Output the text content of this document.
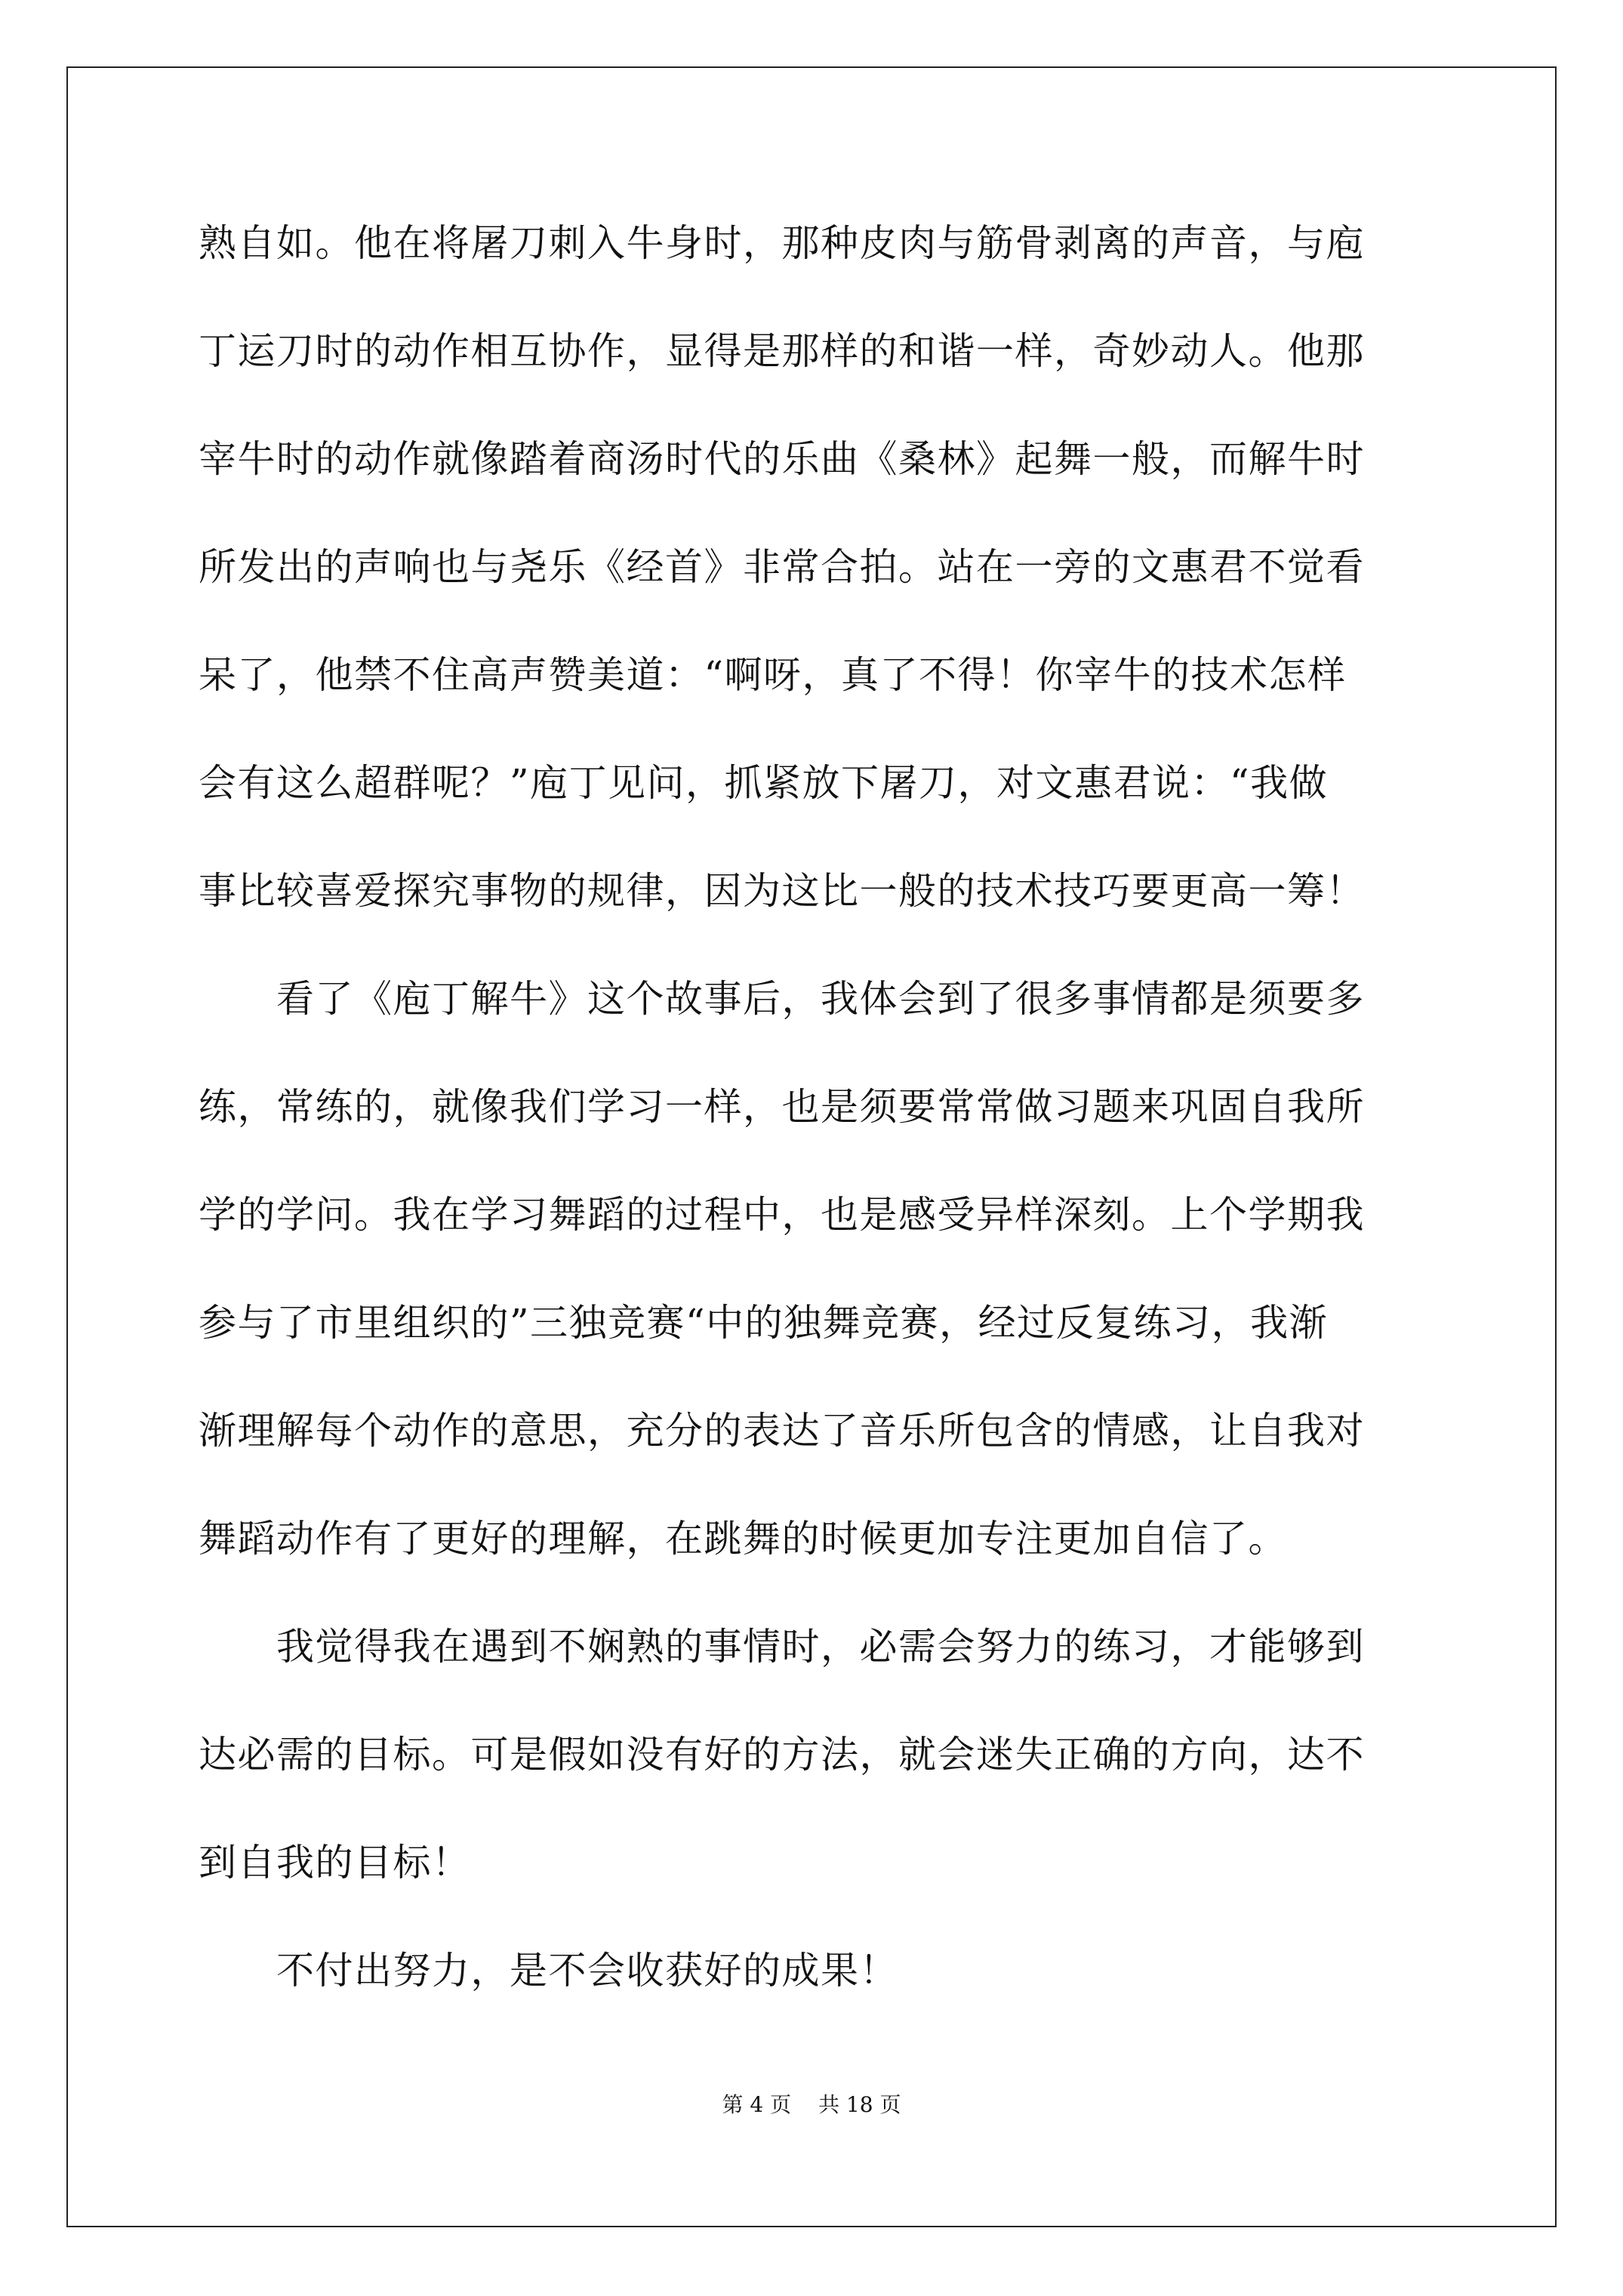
熟自如。他在将屠刀刺入牛身时，那种皮肉与筋骨剥离的声音，与庖
丁运刀时的动作相互协作，显得是那样的和谐一样，奇妙动人。他那
宰牛时的动作就像踏着商汤时代的乐曲《桑林》起舞一般，而解牛时
所发出的声响也与尧乐《经首》非常合拍。站在一旁的文惠君不觉看
呆了，他禁不住高声赞美道：“啊呀，真了不得！你宰牛的技术怎样
会有这么超群呢？”庖丁见问，抓紧放下屠刀，对文惠君说：“我做
事比较喜爱探究事物的规律，因为这比一般的技术技巧要更高一筹！
　　看了《庖丁解牛》这个故事后，我体会到了很多事情都是须要多
练，常练的，就像我们学习一样，也是须要常常做习题来巩固自我所
学的学问。我在学习舞蹈的过程中，也是感受异样深刻。上个学期我
参与了市里组织的”三独竞赛“中的独舞竞赛，经过反复练习，我渐
渐理解每个动作的意思，充分的表达了音乐所包含的情感，让自我对
舞蹈动作有了更好的理解，在跳舞的时候更加专注更加自信了。
　　我觉得我在遇到不娴熟的事情时，必需会努力的练习，才能够到
达必需的目标。可是假如没有好的方法，就会迷失正确的方向，达不
到自我的目标！
　　不付出努力，是不会收获好的成果！
第 4 页 共 18 页
